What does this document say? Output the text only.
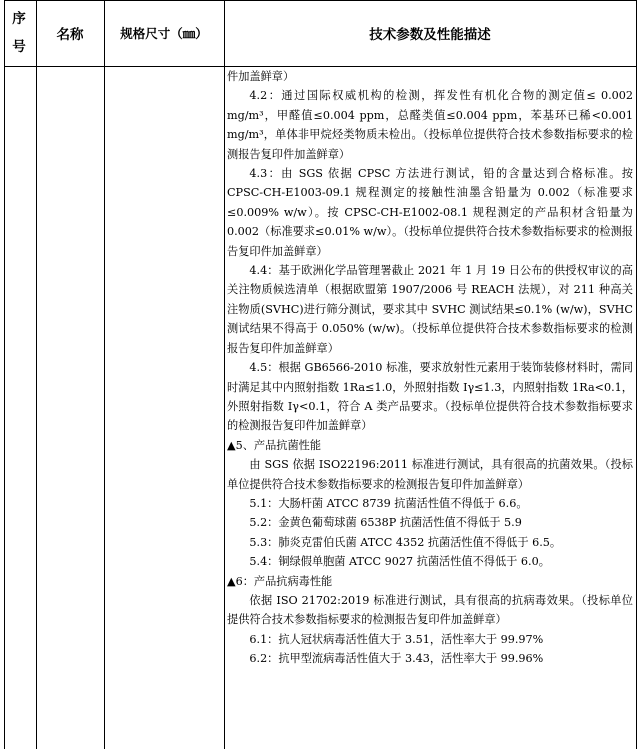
序
号
名称	规格尺寸（㎜）	技术参数及性能描述

件加盖鲜章）

4.2：通过国际权威机构的检测，挥发性有机化合物的测定值≤ 0.002 mg/m³，甲醛值≤0.004 ppm，总醛类值≤0.004 ppm，苯基环已稀<0.001 mg/m³，单体非甲烷烃类物质未检出。（投标单位提供符合技术参数指标要求的检测报告复印件加盖鲜章）

4.3：由 SGS 依据 CPSC 方法进行测试，铅的含量达到合格标准。按 CPSC-CH-E1003-09.1 规程测定的接触性油墨含铅量为 0.002（标准要求≤0.009% w/w）。按 CPSC-CH-E1002-08.1 规程测定的产品积材含铅量为 0.002（标准要求≤0.01% w/w）。（投标单位提供符合技术参数指标要求的检测报告复印件加盖鲜章）

4.4：基于欧洲化学品管理署截止 2021 年 1 月 19 日公布的供授权审议的高关注物质候选清单（根据欧盟第 1907/2006 号 REACH 法规），对 211 种高关注物质(SVHC)进行筛分测试，要求其中 SVHC 测试结果≤0.1% (w/w)，SVHC 测试结果不得高于 0.050% (w/w)。（投标单位提供符合技术参数指标要求的检测报告复印件加盖鲜章）

4.5：根据 GB6566-2010 标准，要求放射性元素用于装饰装修材料时，需同时满足其中内照射指数 1Ra≤1.0，外照射指数 Iγ≤1.3，内照射指数 1Ra<0.1，外照射指数 Iγ<0.1，符合 A 类产品要求。（投标单位提供符合技术参数指标要求的检测报告复印件加盖鲜章）

▲5、产品抗菌性能

由 SGS 依据 ISO22196:2011 标准进行测试，具有很高的抗菌效果。（投标单位提供符合技术参数指标要求的检测报告复印件加盖鲜章）

5.1：大肠杆菌 ATCC 8739 抗菌活性值不得低于 6.6。

5.2：金黄色葡萄球菌 6538P 抗菌活性值不得低于 5.9

5.3：肺炎克雷伯氏菌 ATCC 4352 抗菌活性值不得低于 6.5。

5.4：铜绿假单胞菌 ATCC 9027 抗菌活性值不得低于 6.0。

▲6：产品抗病毒性能

依据 ISO 21702:2019 标准进行测试，具有很高的抗病毒效果。（投标单位提供符合技术参数指标要求的检测报告复印件加盖鲜章）

6.1：抗人冠状病毒活性值大于 3.51，活性率大于 99.97%

6.2：抗甲型流病毒活性值大于 3.43，活性率大于 99.96%
